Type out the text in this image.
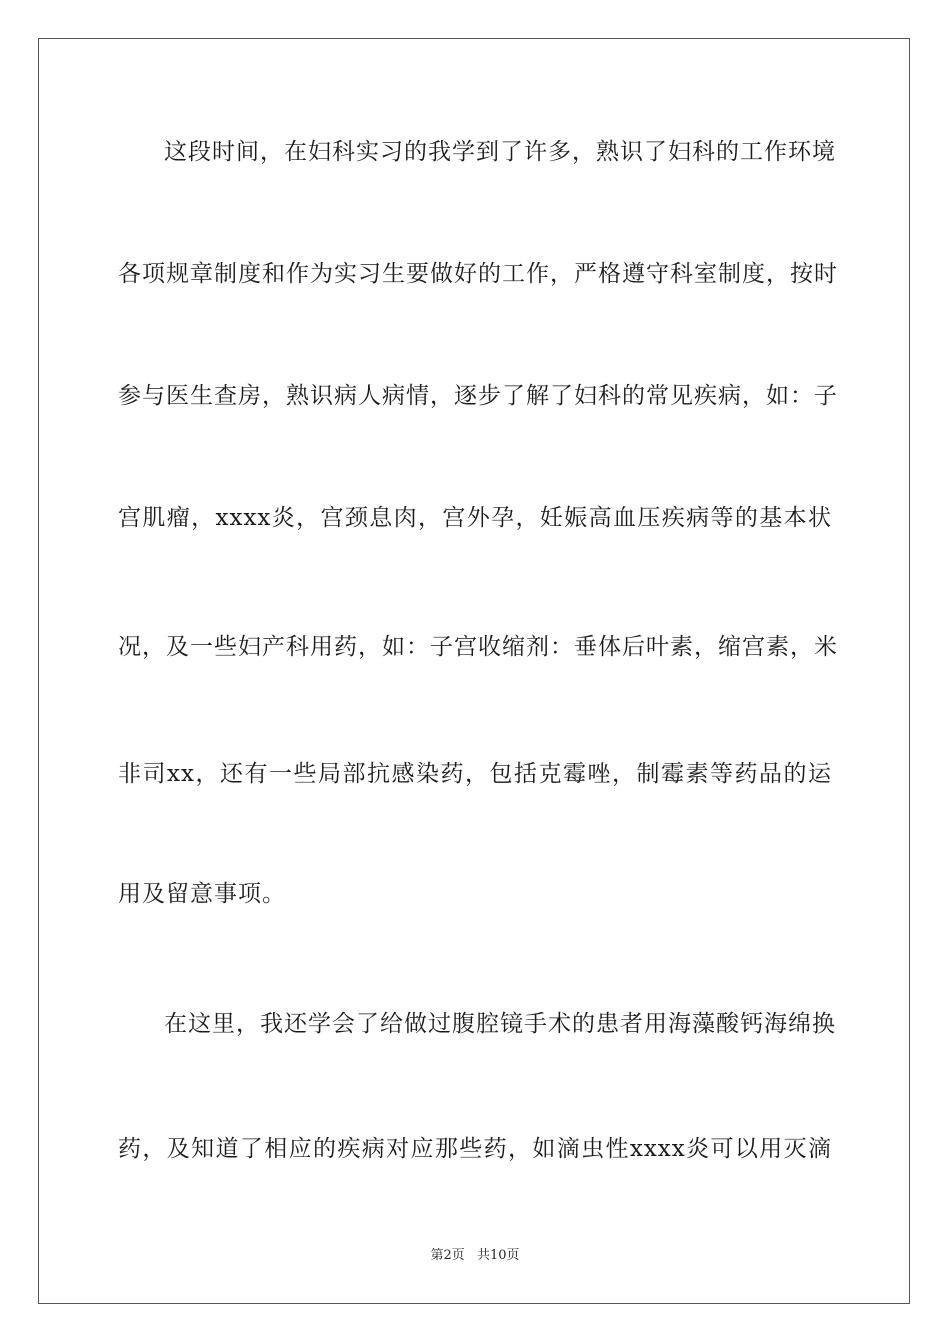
这段时间，在妇科实习的我学到了许多，熟识了妇科的工作环境
各项规章制度和作为实习生要做好的工作，严格遵守科室制度，按时
参与医生查房，熟识病人病情，逐步了解了妇科的常见疾病，如：子
宫肌瘤，xxxx炎，宫颈息肉，宫外孕，妊娠高血压疾病等的基本状
况，及一些妇产科用药，如：子宫收缩剂：垂体后叶素，缩宫素，米
非司xx，还有一些局部抗感染药，包括克霉唑，制霉素等药品的运
用及留意事项。
在这里，我还学会了给做过腹腔镜手术的患者用海藻酸钙海绵换
药，及知道了相应的疾病对应那些药，如滴虫性xxxx炎可以用灭滴
第2页 共10页
